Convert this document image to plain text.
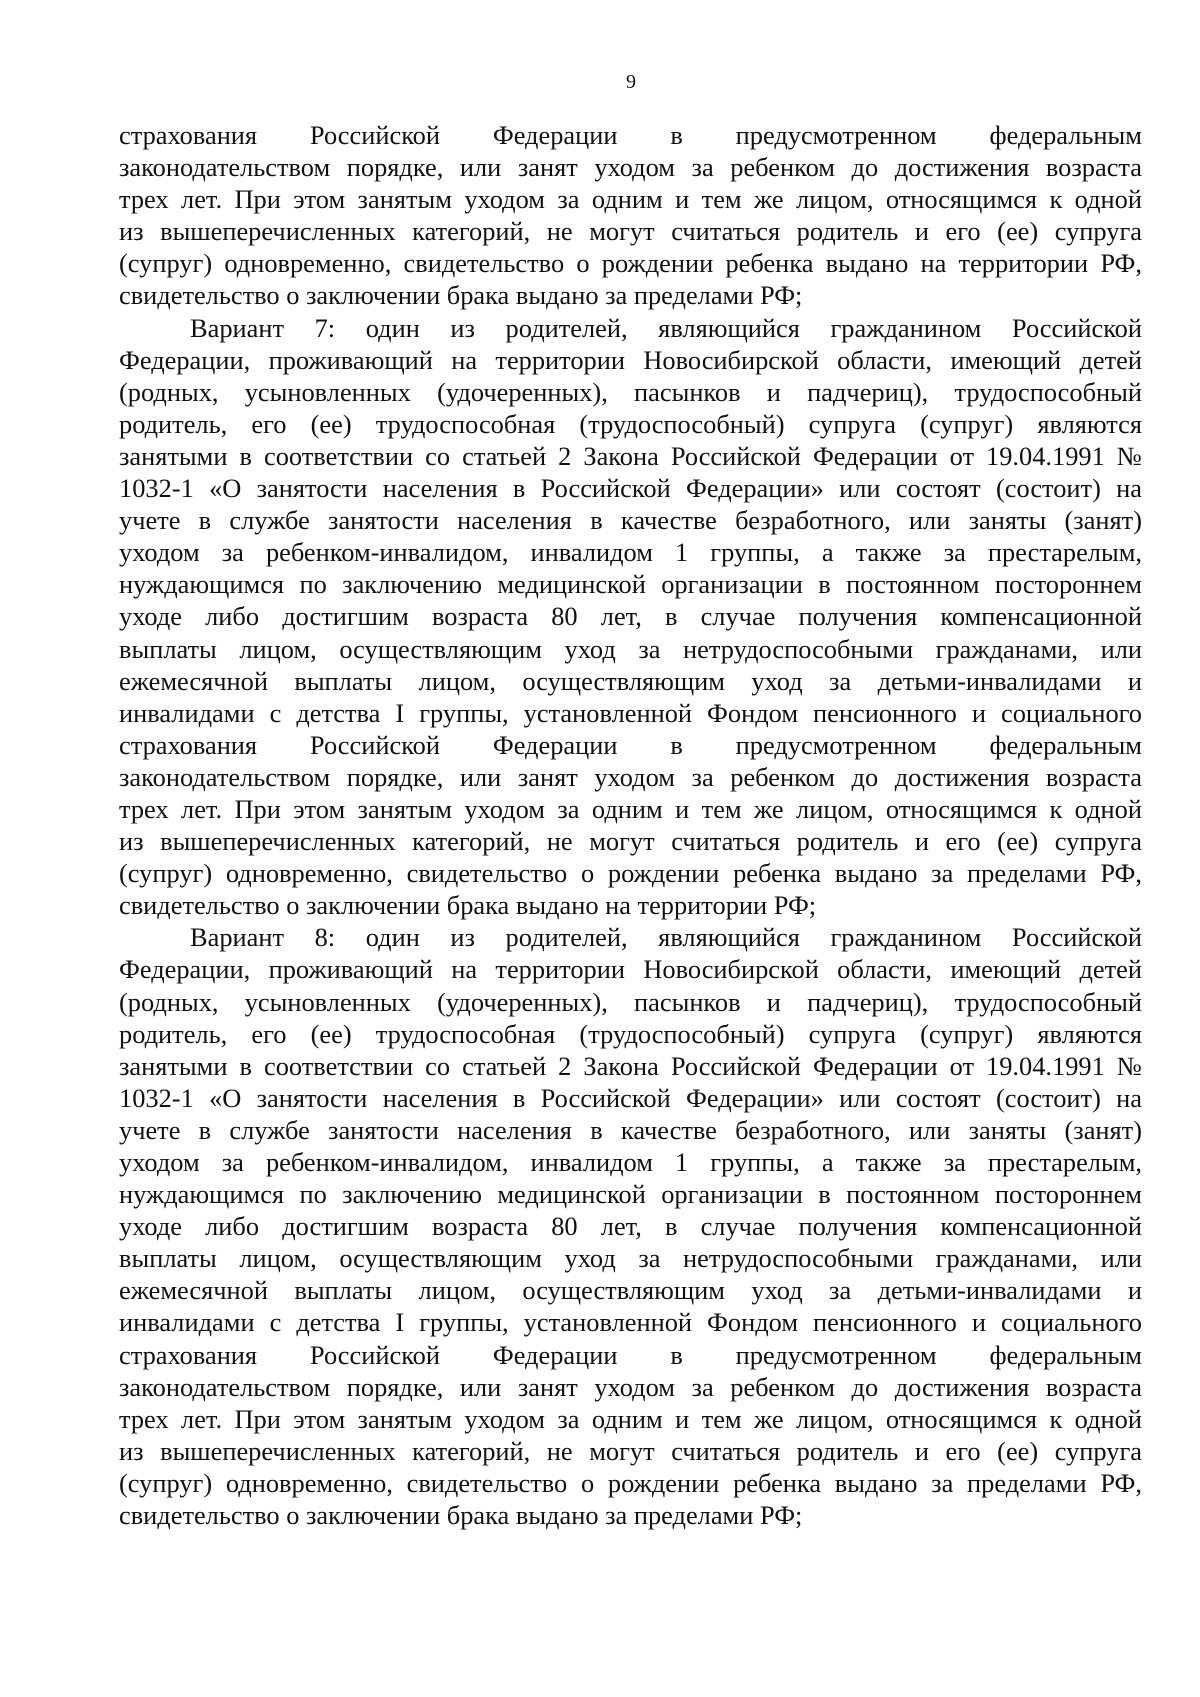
9
страхования Российской Федерации в предусмотренном федеральным
законодательством порядке, или занят уходом за ребенком до достижения возраста
трех лет. При этом занятым уходом за одним и тем же лицом, относящимся к одной
из вышеперечисленных категорий, не могут считаться родитель и его (ее) супруга
(супруг) одновременно, свидетельство о рождении ребенка выдано на территории РФ,
свидетельство о заключении брака выдано за пределами РФ;
Вариант 7: один из родителей, являющийся гражданином Российской
Федерации, проживающий на территории Новосибирской области, имеющий детей
(родных, усыновленных (удочеренных), пасынков и падчериц), трудоспособный
родитель, его (ее) трудоспособная (трудоспособный) супруга (супруг) являются
занятыми в соответствии со статьей 2 Закона Российской Федерации от 19.04.1991 №
1032-1 «О занятости населения в Российской Федерации» или состоят (состоит) на
учете в службе занятости населения в качестве безработного, или заняты (занят)
уходом за ребенком-инвалидом, инвалидом 1 группы, а также за престарелым,
нуждающимся по заключению медицинской организации в постоянном постороннем
уходе либо достигшим возраста 80 лет, в случае получения компенсационной
выплаты лицом, осуществляющим уход за нетрудоспособными гражданами, или
ежемесячной выплаты лицом, осуществляющим уход за детьми-инвалидами и
инвалидами с детства I группы, установленной Фондом пенсионного и социального
страхования Российской Федерации в предусмотренном федеральным
законодательством порядке, или занят уходом за ребенком до достижения возраста
трех лет. При этом занятым уходом за одним и тем же лицом, относящимся к одной
из вышеперечисленных категорий, не могут считаться родитель и его (ее) супруга
(супруг) одновременно, свидетельство о рождении ребенка выдано за пределами РФ,
свидетельство о заключении брака выдано на территории РФ;
Вариант 8: один из родителей, являющийся гражданином Российской
Федерации, проживающий на территории Новосибирской области, имеющий детей
(родных, усыновленных (удочеренных), пасынков и падчериц), трудоспособный
родитель, его (ее) трудоспособная (трудоспособный) супруга (супруг) являются
занятыми в соответствии со статьей 2 Закона Российской Федерации от 19.04.1991 №
1032-1 «О занятости населения в Российской Федерации» или состоят (состоит) на
учете в службе занятости населения в качестве безработного, или заняты (занят)
уходом за ребенком-инвалидом, инвалидом 1 группы, а также за престарелым,
нуждающимся по заключению медицинской организации в постоянном постороннем
уходе либо достигшим возраста 80 лет, в случае получения компенсационной
выплаты лицом, осуществляющим уход за нетрудоспособными гражданами, или
ежемесячной выплаты лицом, осуществляющим уход за детьми-инвалидами и
инвалидами с детства I группы, установленной Фондом пенсионного и социального
страхования Российской Федерации в предусмотренном федеральным
законодательством порядке, или занят уходом за ребенком до достижения возраста
трех лет. При этом занятым уходом за одним и тем же лицом, относящимся к одной
из вышеперечисленных категорий, не могут считаться родитель и его (ее) супруга
(супруг) одновременно, свидетельство о рождении ребенка выдано за пределами РФ,
свидетельство о заключении брака выдано за пределами РФ;
